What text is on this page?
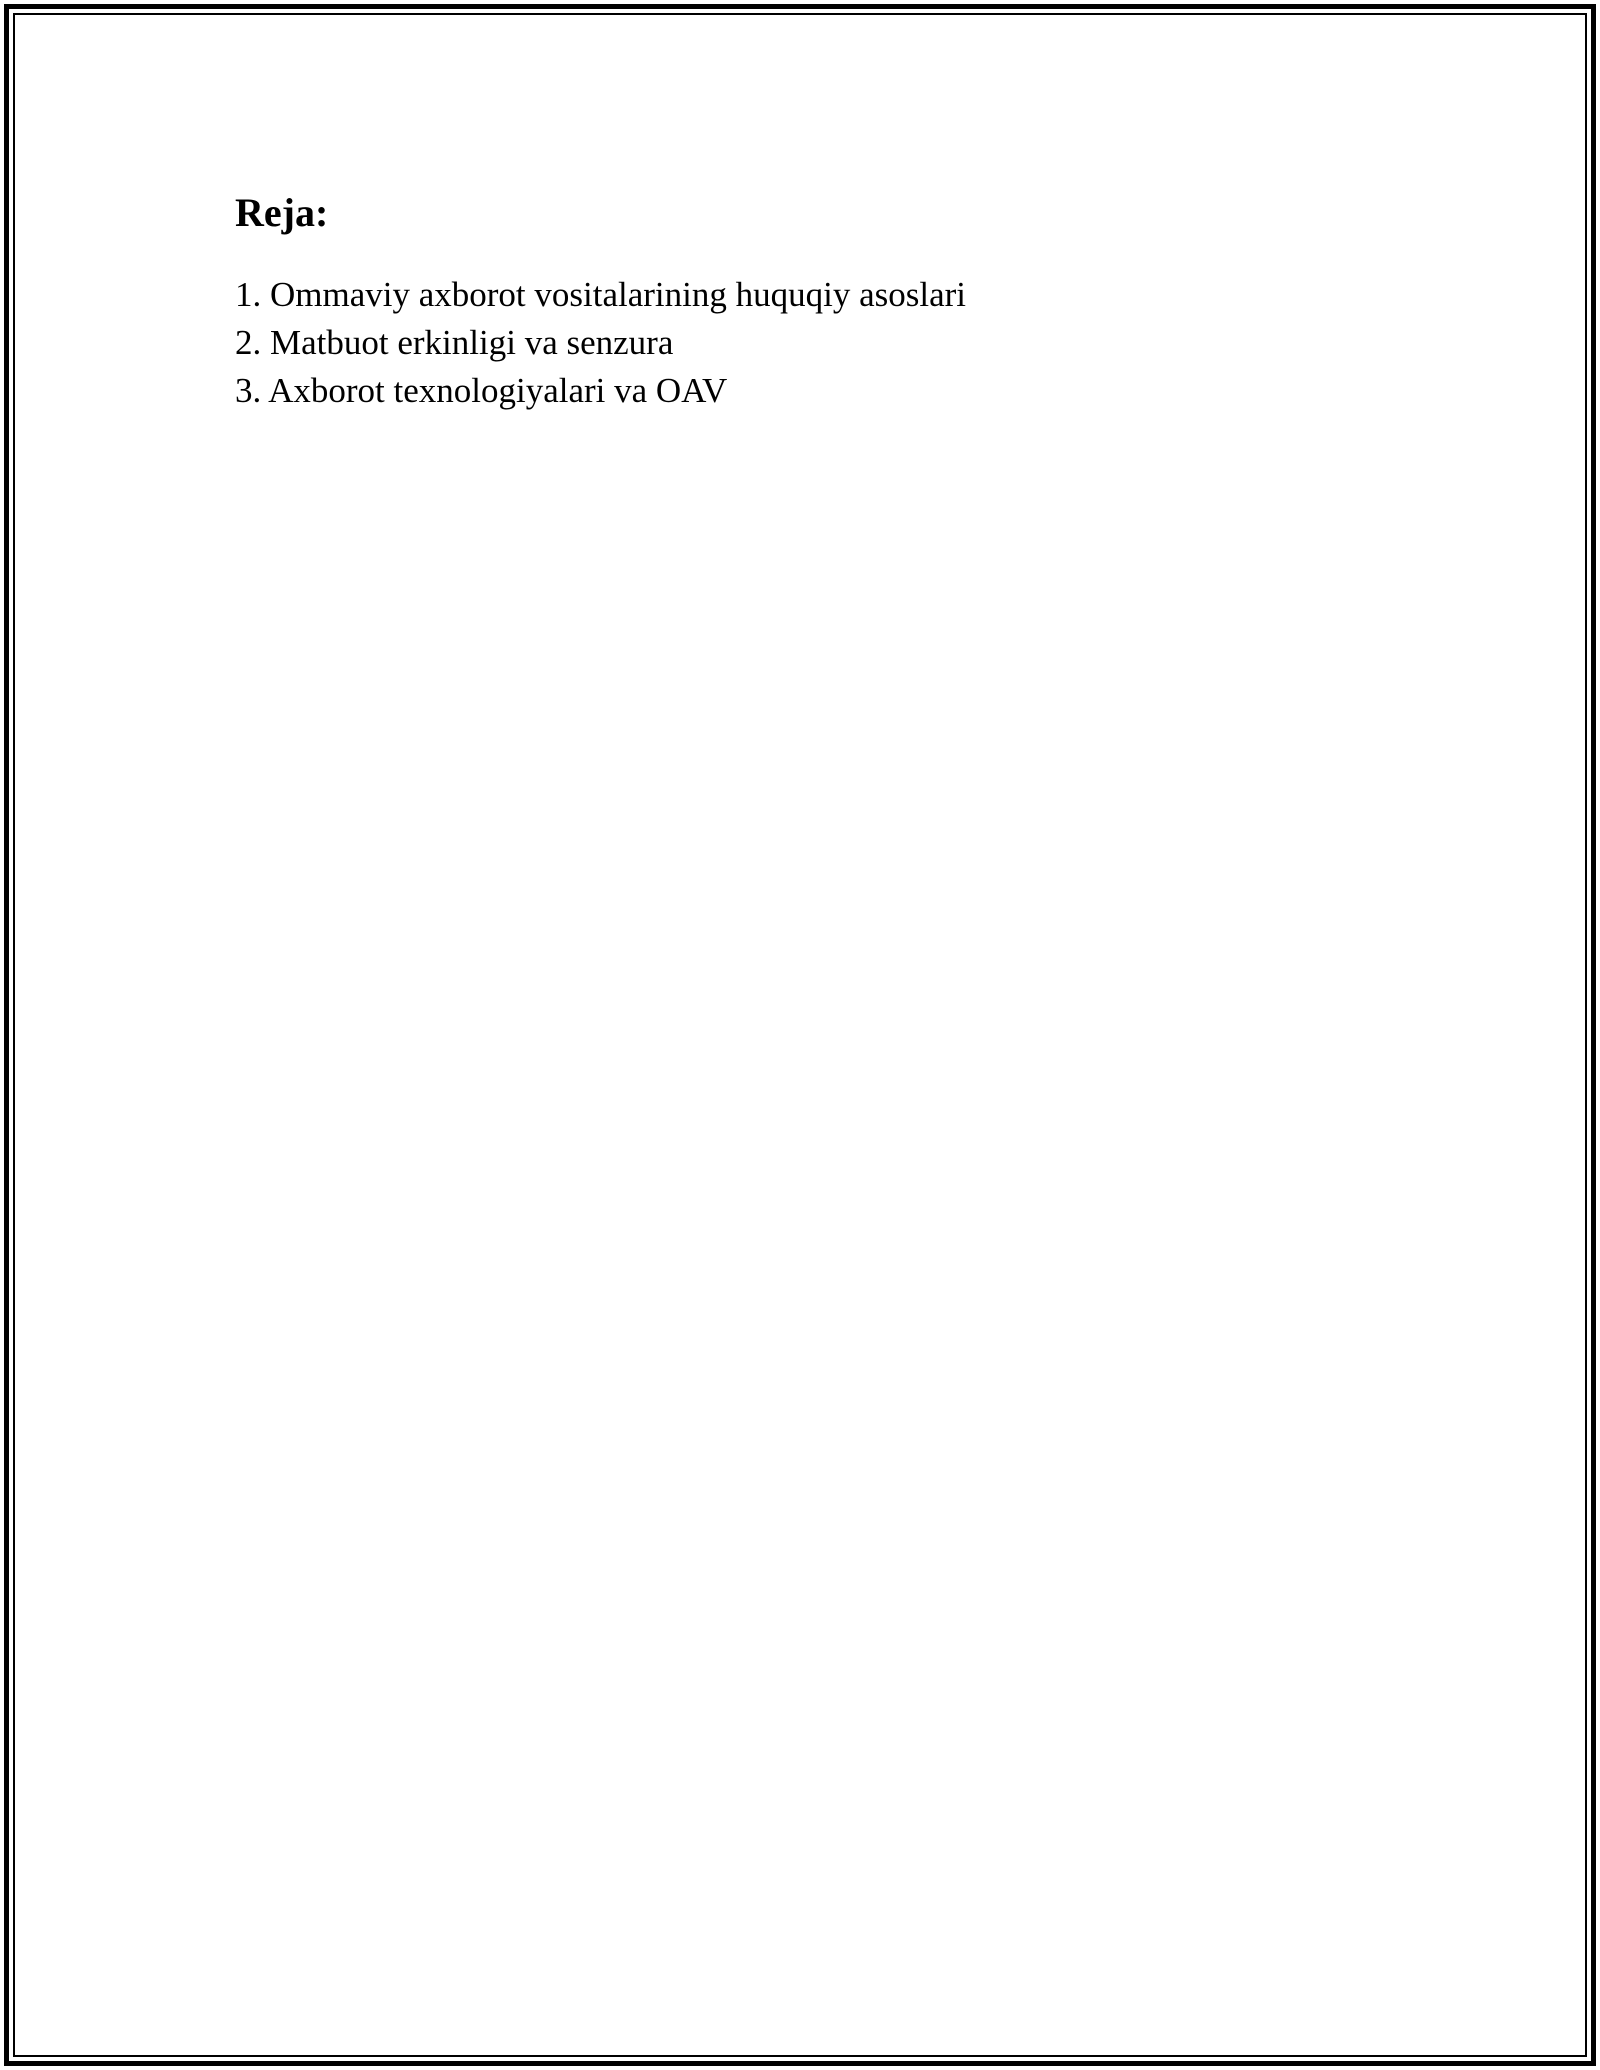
Reja:
1. Ommaviy axborot vositalarining huquqiy asoslari
2. Matbuot erkinligi va senzura
3. Axborot texnologiyalari va OAV
